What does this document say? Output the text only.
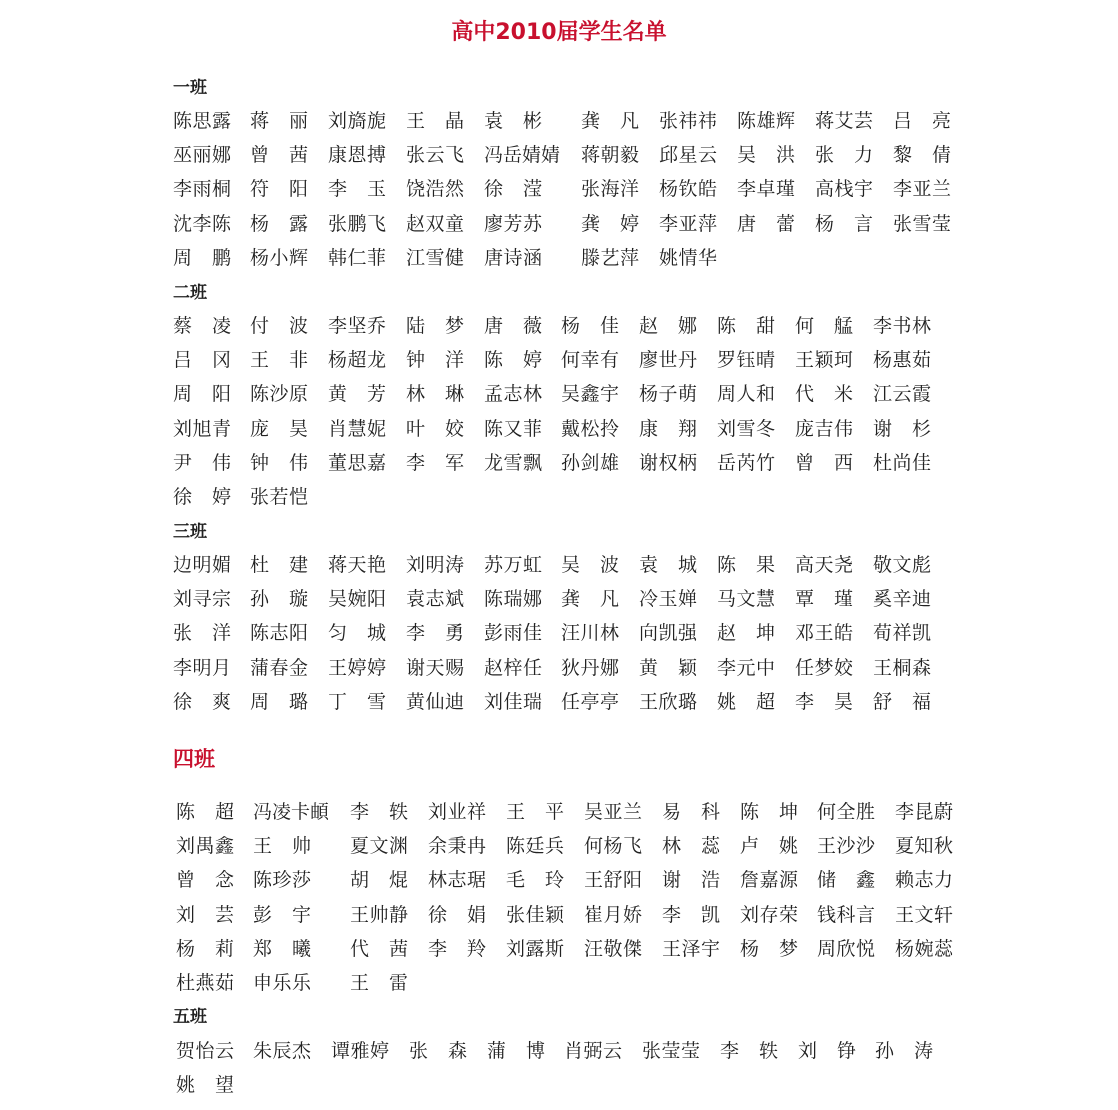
高中2010届学生名单
一班
陈思露 蒋　丽 刘旖旎 王　晶 袁　彬 龚　凡 张祎祎 陈雄辉 蒋艾芸 吕　亮
巫丽娜 曾　茜 康恩搏 张云飞 冯岳婧婧 蒋朝毅 邱星云 吴　洪 张　力 黎　倩
李雨桐 符　阳 李　玉 饶浩然 徐　滢 张海洋 杨钦皓 李卓瑾 高栈宇 李亚兰
沈李陈 杨　露 张鹏飞 赵双童 廖芳苏 龚　婷 李亚萍 唐　蕾 杨　言 张雪莹
周　鹏 杨小辉 韩仁菲 江雪健 唐诗涵 滕艺萍 姚情华
二班
蔡　凌 付　波 李坚乔 陆　梦 唐　薇 杨　佳 赵　娜 陈　甜 何　艋 李书林
吕　冈 王　非 杨超龙 钟　洋 陈　婷 何幸有 廖世丹 罗钰晴 王颖珂 杨惠茹
周　阳 陈沙原 黄　芳 林　琳 孟志林 吴鑫宇 杨子萌 周人和 代　米 江云霞
刘旭青 庞　昊 肖慧妮 叶　姣 陈又菲 戴松拎 康　翔 刘雪冬 庞吉伟 谢　杉
尹　伟 钟　伟 董思嘉 李　军 龙雪飘 孙剑雄 谢权柄 岳芮竹 曾　西 杜尚佳
徐　婷 张若恺
三班
边明媚 杜　建 蒋天艳 刘明涛 苏万虹 吴　波 袁　城 陈　果 高天尧 敬文彪
刘寻宗 孙　璇 吴婉阳 袁志斌 陈瑞娜 龚　凡 冷玉婵 马文慧 覃　瑾 奚辛迪
张　洋 陈志阳 匀　城 李　勇 彭雨佳 汪川林 向凯强 赵　坤 邓王皓 荀祥凯
李明月 蒲春金 王婷婷 谢天赐 赵梓任 狄丹娜 黄　颖 李元中 任梦姣 王桐森
徐　爽 周　璐 丁　雪 黄仙迪 刘佳瑞 任亭亭 王欣璐 姚　超 李　昊 舒　福
四班
陈　超 冯凌卡頔 李　轶 刘业祥 王　平 吴亚兰 易　科 陈　坤 何全胜 李昆蔚
刘禺鑫 王　帅 夏文渊 余秉冉 陈廷兵 何杨飞 林　蕊 卢　姚 王沙沙 夏知秋
曾　念 陈珍莎 胡　焜 林志琚 毛　玲 王舒阳 谢　浩 詹嘉源 储　鑫 赖志力
刘　芸 彭　宇 王帅静 徐　娟 张佳颖 崔月娇 李　凯 刘存荣 钱科言 王文轩
杨　莉 郑　曦 代　茜 李　羚 刘露斯 汪敬傑 王泽宇 杨　梦 周欣悦 杨婉蕊
杜燕茹 申乐乐 王　雷
五班
贺怡云 朱辰杰 谭雅婷 张　森 蒲　博 肖弼云 张莹莹 李　轶 刘　铮 孙　涛
姚　望
